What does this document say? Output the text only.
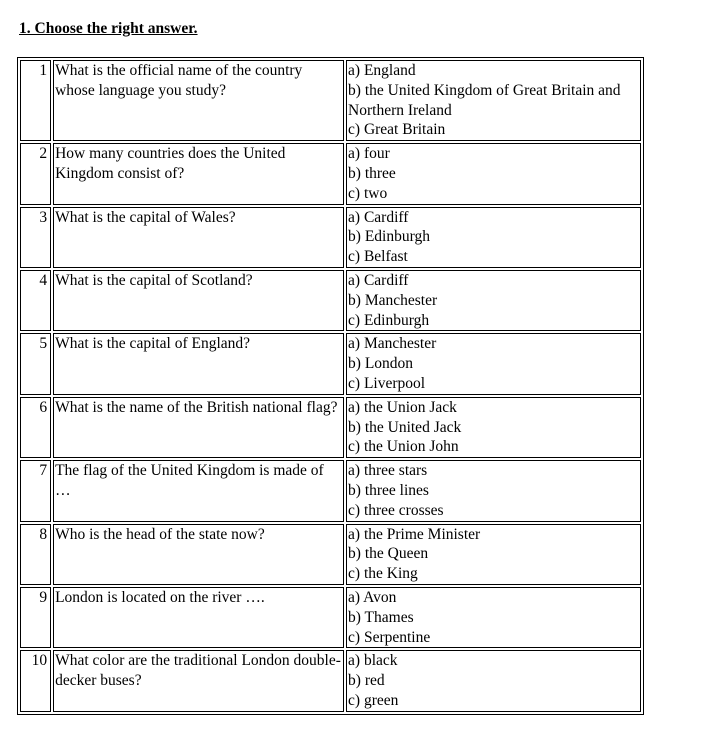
1. Choose the right answer.
1	What is the official name of the country whose language you study?	a) England
b) the United Kingdom of Great Britain and Northern Ireland
c) Great Britain

2	How many countries does the United Kingdom consist of?	a) four
b) three
c) two

3	What is the capital of Wales?	a) Cardiff
b) Edinburgh
c) Belfast

4	What is the capital of Scotland?	a) Cardiff
b) Manchester
c) Edinburgh

5	What is the capital of England?	a) Manchester
b) London
c) Liverpool

6	What is the name of the British national flag?	a) the Union Jack
b) the United Jack
c) the Union John

7	The flag of the United Kingdom is made of …	a) three stars
b) three lines
c) three crosses

8	Who is the head of the state now?	a) the Prime Minister
b) the Queen
c) the King

9	London is located on the river ….	a) Avon
b) Thames
c) Serpentine

10	What color are the traditional London double-decker buses?	a) black
b) red
c) green
